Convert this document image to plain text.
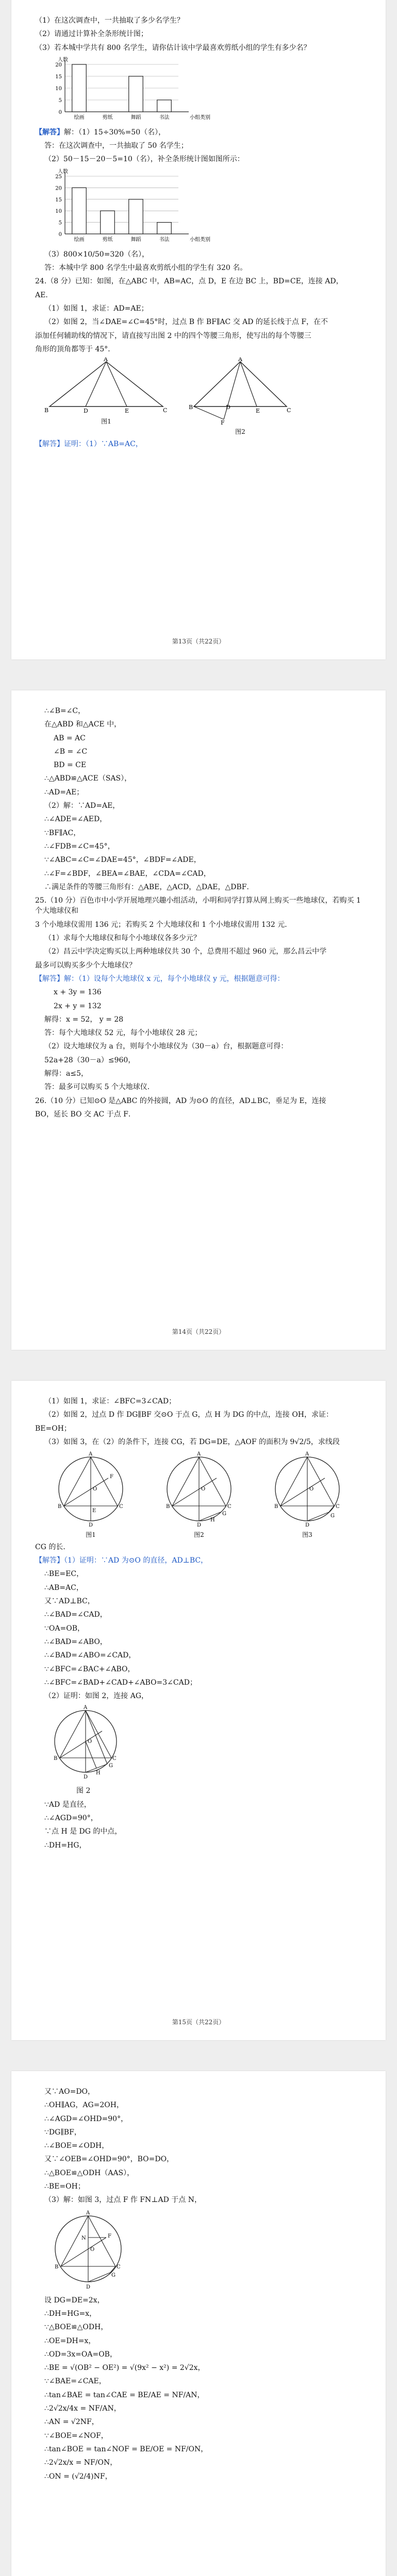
（1）在这次调查中，一共抽取了多少名学生？
（2）请通过计算补全条形统计图；
（3）若本城中学共有 800 名学生，请你估计该中学最喜欢剪纸小组的学生有多少名？
20
15
10
5
0
人数
小组类别
绘画	剪纸	舞蹈	书法
【解答】解：（1）15÷30%=50（名），
答：在这次调查中，一共抽取了 50 名学生；
（2）50－15－20－5=10（名），补全条形统计图如图所示：
25
20
15
10
5
0
人数
小组类别
绘画	剪纸	舞蹈	书法
（3）800×10/50=320（名），
答：本城中学 800 名学生中最喜欢剪纸小组的学生有 320 名。
24.（8 分）已知：如图，在△ABC 中，AB=AC，点 D，E 在边 BC 上，BD=CE，连接 AD，
AE．
（1）如图 1，求证：AD=AE；
（2）如图 2，当∠DAE=∠C=45°时，过点 B 作 BF∥AC 交 AD 的延长线于点 F，在不
添加任何辅助线的情况下，请直接写出图 2 中的四个等腰三角形，使写出的每个等腰三
角形的顶角都等于 45°．
A
B	D	E	C
图1
A
B	D
E	C
F
图2
【解答】证明：（1）∵AB=AC，
第13页（共22页）
∴∠B=∠C，
在△ABD 和△ACE 中，
AB = AC
∠B = ∠C
BD = CE
∴△ABD≌△ACE（SAS），
∴AD=AE；
（2）解：∵AD=AE，
∴∠ADE=∠AED，
∵BF∥AC，
∴∠FDB=∠C=45°，
∵∠ABC=∠C=∠DAE=45°，∠BDF=∠ADE，
∴∠F=∠BDF，∠BEA=∠BAE，∠CDA=∠CAD，
∴满足条件的等腰三角形有：△ABE，△ACD，△DAE，△DBF．
25.（10 分）百色市中小学开展地理兴趣小组活动，小明和同学打算从网上购买一些地球仪，若购买 1 个大地球仪和
3 个小地球仪需用 136 元；若购买 2 个大地球仪和 1 个小地球仪需用 132 元．
（1）求每个大地球仪和每个小地球仪各多少元？
（2）昌云中学决定购买以上两种地球仪共 30 个，总费用不超过 960 元，那么昌云中学
最多可以购买多少个大地球仪？
【解答】解：（1）设每个大地球仪 x 元，每个小地球仪 y 元，根据题意可得：
x + 3y = 136
2x + y = 132
解得：x = 52， y = 28
答：每个大地球仪 52 元，每个小地球仪 28 元；
（2）设大地球仪为 a 台，则每个小地球仪为（30－a）台，根据题意可得：
52a+28（30－a）≤960，
解得：a≤5，
答：最多可以购买 5 个大地球仪．
26.（10 分）已知⊙O 是△ABC 的外接圆，AD 为⊙O 的直径，AD⊥BC，垂足为 E，连接
BO，延长 BO 交 AC 于点 F．
第14页（共22页）
（1）如图 1，求证：∠BFC=3∠CAD；
（2）如图 2，过点 D 作 DG∥BF 交⊙O 于点 G，点 H 为 DG 的中点，连接 OH，求证：
BE=OH；
（3）如图 3，在（2）的条件下，连接 CG，若 DG=DE，△AOF 的面积为 9√2/5，求线段
A
B	C
D
E
O
F
图1
A
B	C
D
G
H
O
图2
A
B	C
D
G
O
图3
CG 的长．
【解答】（1）证明：∵AD 为⊙O 的直径，AD⊥BC，
∴BE=EC，
∴AB=AC，
又∵AD⊥BC，
∴∠BAD=∠CAD，
∵OA=OB，
∴∠BAD=∠ABO，
∴∠BAD=∠ABO=∠CAD，
∵∠BFC=∠BAC+∠ABO，
∴∠BFC=∠BAD+∠CAD+∠ABO=3∠CAD；
（2）证明：如图 2，连接 AG，
A
B	C
D
G
H
O
图 2
∵AD 是直径，
∴∠AGD=90°，
∵点 H 是 DG 的中点，
∴DH=HG，
第15页（共22页）
又∵AO=DO，
∴OH∥AG，AG=2OH，
∴∠AGD=∠OHD=90°，
∵DG∥BF，
∴∠BOE=∠ODH，
又∵∠OEB=∠OHD=90°，BO=DO，
∴△BOE≌△ODH（AAS），
∴BE=OH；
（3）解：如图 3，过点 F 作 FN⊥AD 于点 N，
A
B	C
D
G
F
N
O
设 DG=DE=2x，
∴DH=HG=x，
∵△BOE≌△ODH，
∴OE=DH=x，
∴OD=3x=OA=OB，
∴BE = √(OB² − OE²) = √(9x² − x²) = 2√2x，
∵∠BAE=∠CAE，
∴tan∠BAE = tan∠CAE = BE/AE = NF/AN，
∴2√2x/4x = NF/AN，
∴AN = √2NF，
∵∠BOE=∠NOF，
∴tan∠BOE = tan∠NOF = BE/OE = NF/ON，
∴2√2x/x = NF/ON，
∴ON = (√2/4)NF，
